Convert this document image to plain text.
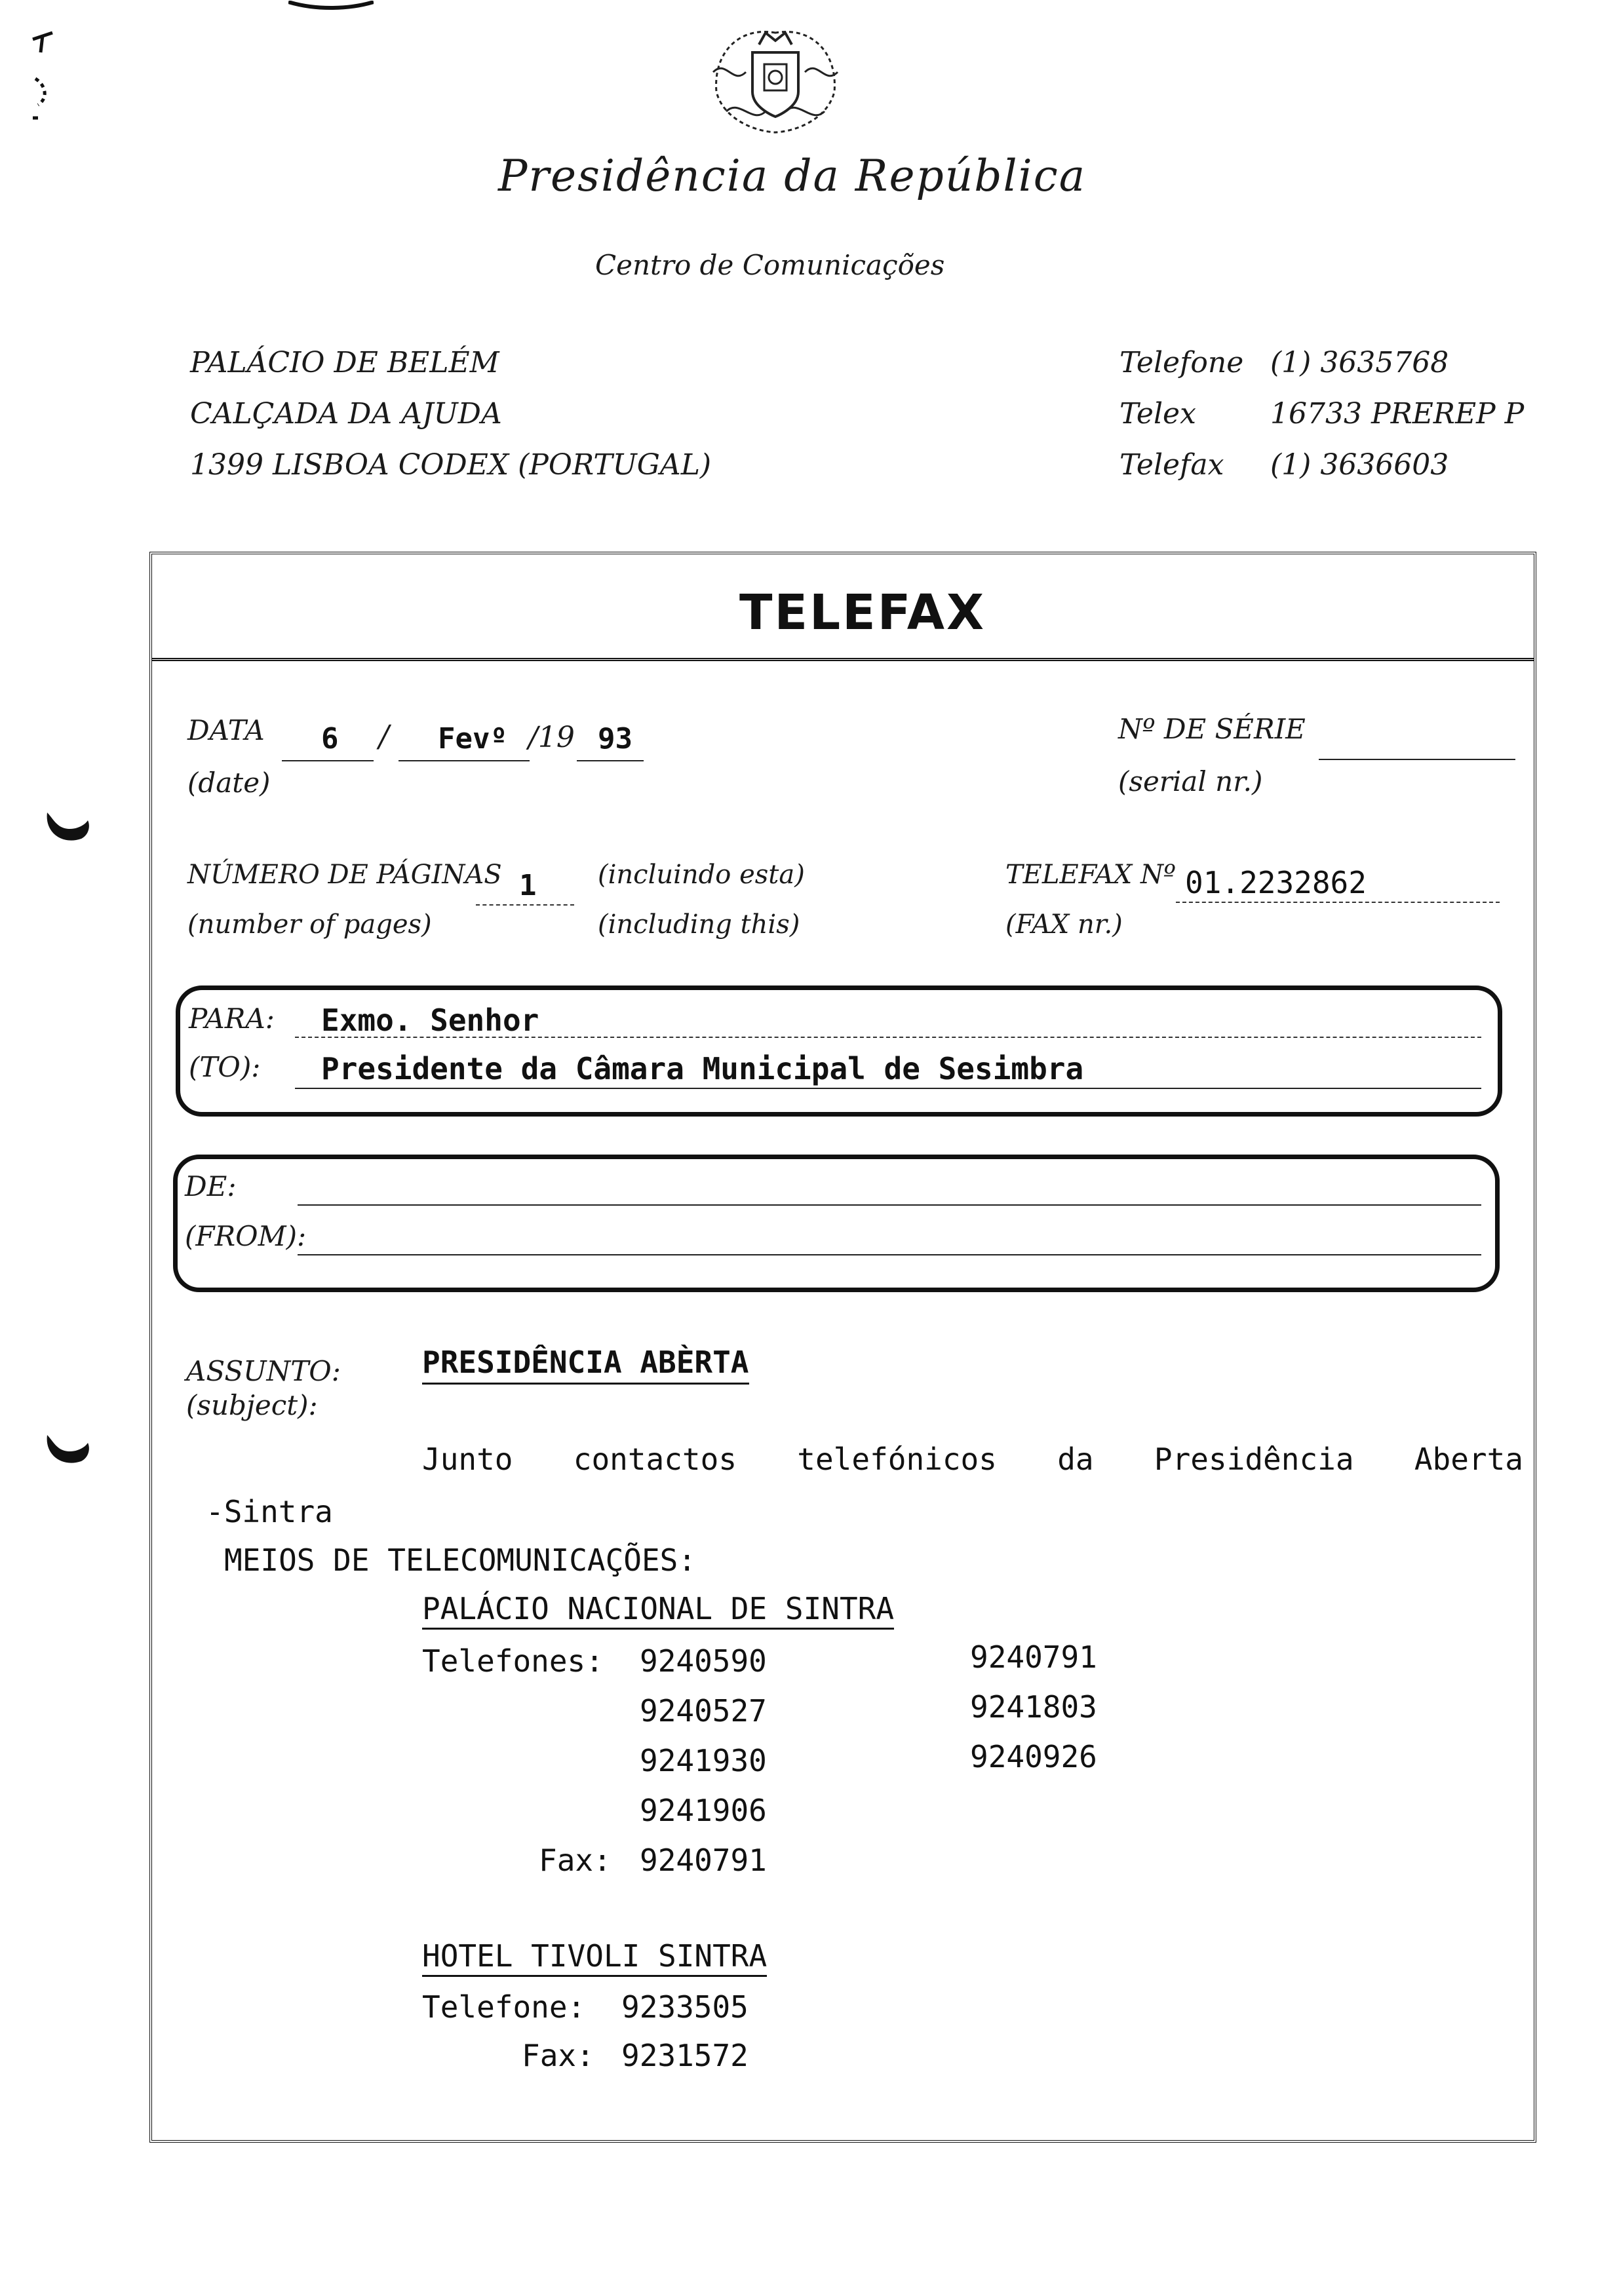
Presidência da República
Centro de Comunicações
PALÁCIO DE BELÉM
CALÇADA DA AJUDA
1399 LISBOA CODEX (PORTUGAL)
Telefone (1) 3635768
Telex	16733 PREREP P
Telefax (1) 3636603
TELEFAX
DATA
(date)
6 / Fevº /19 93	Nº DE SÉRIE
(serial nr.)
NÚMERO DE PÁGINAS
(number of pages)
1 (incluindo esta)
(including this)
TELEFAX Nº
(FAX nr.)
01.2232862
PARA:
(TO):
Exmo. Senhor
Presidente da Câmara Municipal de Sesimbra
DE:
(FROM):
ASSUNTO:
(subject):
PRESIDÊNCIA ABÈRTA
Junto contactos telefónicos da Presidência Aberta
-Sintra
MEIOS DE TELECOMUNICAÇÕES:
PALÁCIO NACIONAL DE SINTRA
Telefones: 9240590
9240527
9241930
9241906
9240791
9241803
9240926
Fax: 9240791
HOTEL TIVOLI SINTRA
Telefone: 9233505
Fax: 9231572
